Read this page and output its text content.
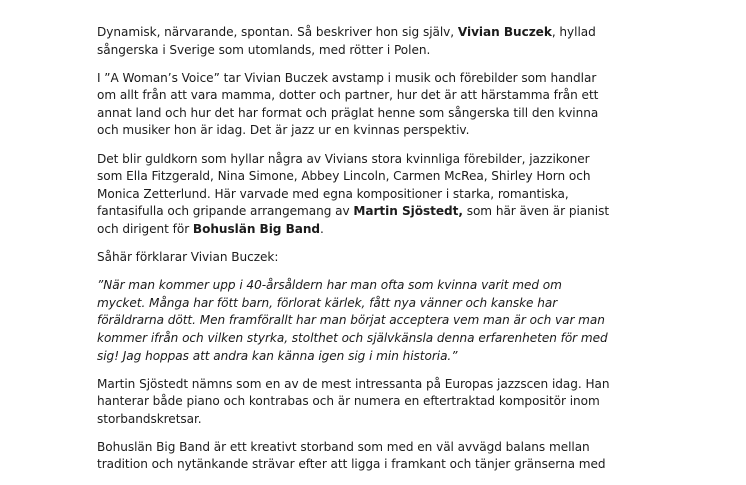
Dynamisk, närvarande, spontan. Så beskriver hon sig själv, Vivian Buczek, hyllad
sångerska i Sverige som utomlands, med rötter i Polen.

I ”A Woman’s Voice” tar Vivian Buczek avstamp i musik och förebilder som handlar
om allt från att vara mamma, dotter och partner, hur det är att härstamma från ett
annat land och hur det har format och präglat henne som sångerska till den kvinna
och musiker hon är idag. Det är jazz ur en kvinnas perspektiv.

Det blir guldkorn som hyllar några av Vivians stora kvinnliga förebilder, jazzikoner
som Ella Fitzgerald, Nina Simone, Abbey Lincoln, Carmen McRea, Shirley Horn och
Monica Zetterlund. Här varvade med egna kompositioner i starka, romantiska,
fantasifulla och gripande arrangemang av Martin Sjöstedt, som här även är pianist
och dirigent för Bohuslän Big Band.

Såhär förklarar Vivian Buczek:

”När man kommer upp i 40-årsåldern har man ofta som kvinna varit med om
mycket. Många har fött barn, förlorat kärlek, fått nya vänner och kanske har
föräldrarna dött. Men framförallt har man börjat acceptera vem man är och var man
kommer ifrån och vilken styrka, stolthet och självkänsla denna erfarenheten för med
sig! Jag hoppas att andra kan känna igen sig i min historia.”

Martin Sjöstedt nämns som en av de mest intressanta på Europas jazzscen idag. Han
hanterar både piano och kontrabas och är numera en eftertraktad kompositör inom
storbandskretsar.

Bohuslän Big Band är ett kreativt storband som med en väl avvägd balans mellan
tradition och nytänkande strävar efter att ligga i framkant och tänjer gränserna med
